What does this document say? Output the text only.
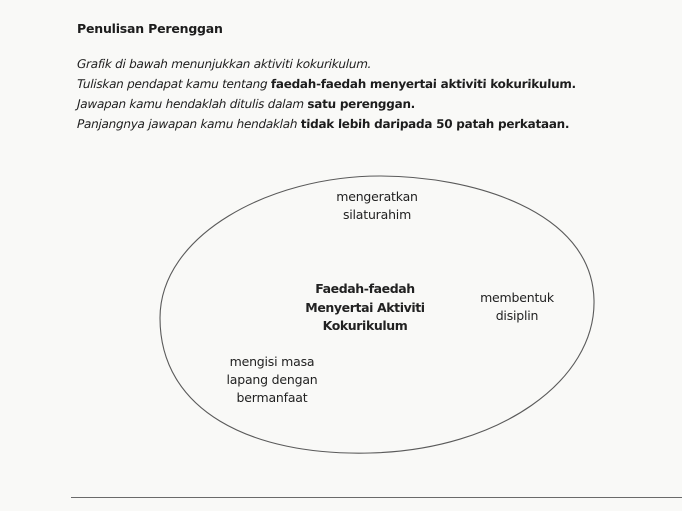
Penulisan Perenggan
Grafik di bawah menunjukkan aktiviti kokurikulum.
Tuliskan pendapat kamu tentang faedah-faedah menyertai aktiviti kokurikulum.
Jawapan kamu hendaklah ditulis dalam satu perenggan.
Panjangnya jawapan kamu hendaklah tidak lebih daripada 50 patah perkataan.
mengeratkan
silaturahim
Faedah-faedah
Menyertai Aktiviti
Kokurikulum
membentuk
disiplin
mengisi masa
lapang dengan
bermanfaat
